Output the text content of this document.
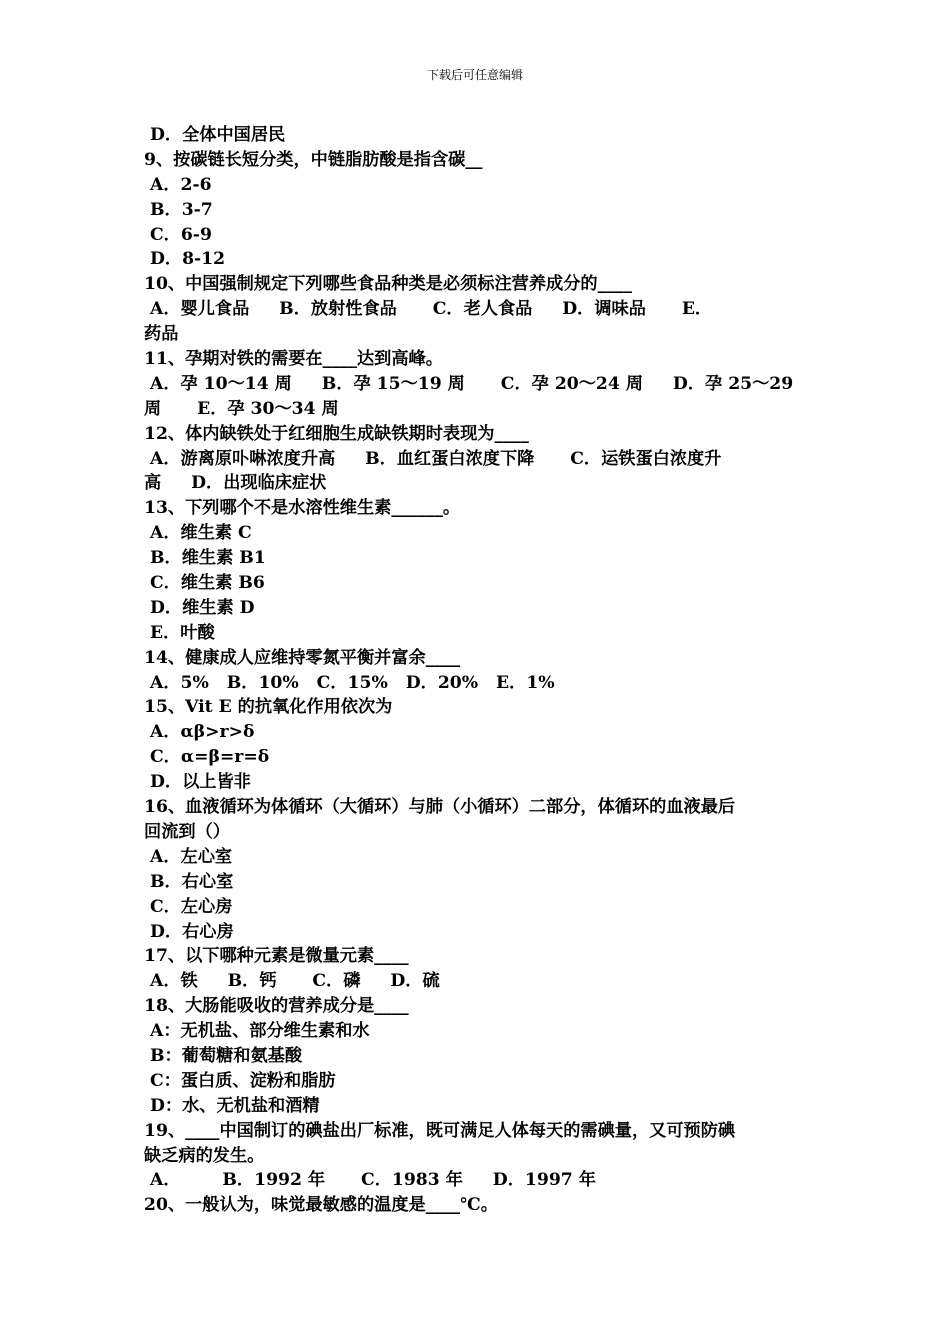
下载后可任意编辑
D．全体中国居民
9、按碳链长短分类，中链脂肪酸是指含碳__
A．2-6
B．3-7
C．6-9
D．8-12
10、中国强制规定下列哪些食品种类是必须标注营养成分的____
A．婴儿食品     B．放射性食品      C．老人食品     D．调味品      E．
药品
11、孕期对铁的需要在____达到高峰。
A．孕 10～14 周     B．孕 15～19 周      C．孕 20～24 周     D．孕 25～29
周      E．孕 30～34 周
12、体内缺铁处于红细胞生成缺铁期时表现为____
A．游离原卟啉浓度升高     B．血红蛋白浓度下降      C．运铁蛋白浓度升
高     D．出现临床症状
13、下列哪个不是水溶性维生素______。
A．维生素 C
B．维生素 B1
C．维生素 B6
D．维生素 D
E．叶酸
14、健康成人应维持零氮平衡并富余____
A．5%   B．10%   C．15%   D．20%   E．1%
15、Vit E 的抗氧化作用依次为
A．αβ>r>δ
C．α=β=r=δ
D．以上皆非
16、血液循环为体循环（大循环）与肺（小循环）二部分，体循环的血液最后
回流到（）
A．左心室
B．右心室
C．左心房
D．右心房
17、以下哪种元素是微量元素____
A．铁     B．钙      C．磷     D．硫
18、大肠能吸收的营养成分是____
A：无机盐、部分维生素和水
B：葡萄糖和氨基酸
C：蛋白质、淀粉和脂肪
D：水、无机盐和酒精
19、____中国制订的碘盐出厂标准，既可满足人体每天的需碘量，又可预防碘
缺乏病的发生。
A．       B．1992 年      C．1983 年     D．1997 年
20、一般认为，味觉最敏感的温度是____℃。
